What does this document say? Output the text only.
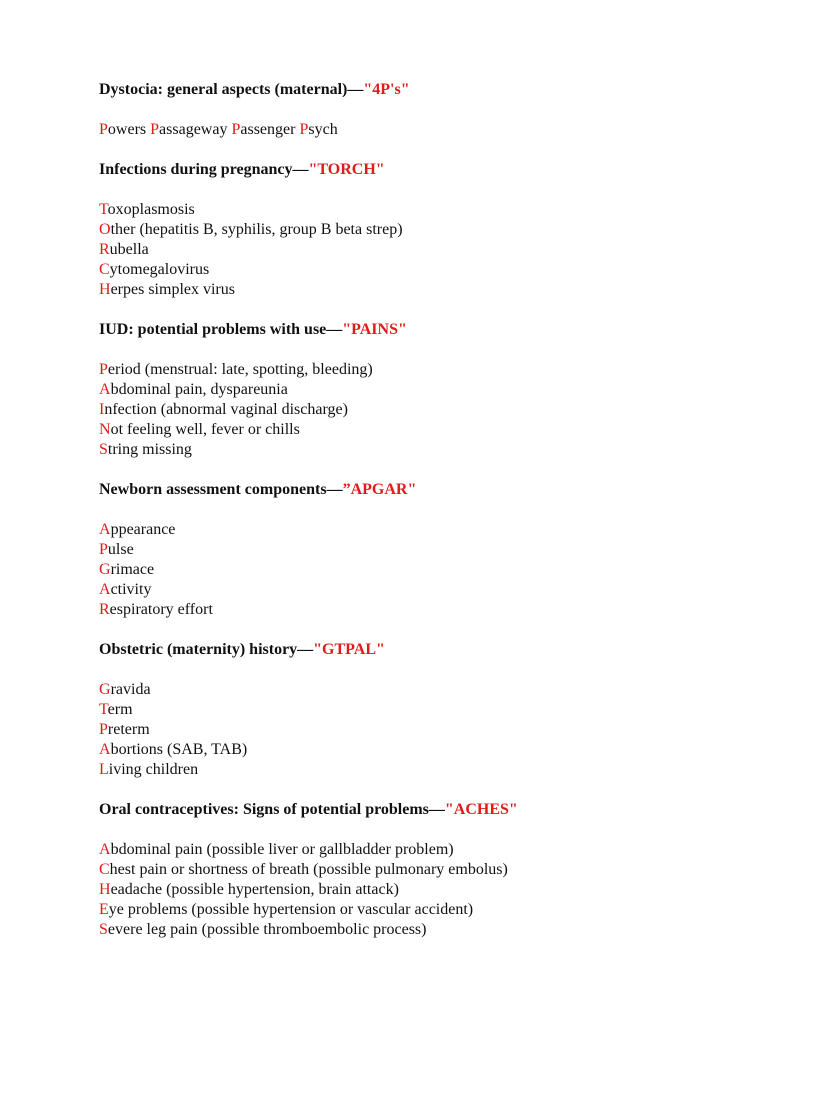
Dystocia: general aspects (maternal)—"4P's"
Powers Passageway Passenger Psych
Infections during pregnancy—"TORCH"
Toxoplasmosis
Other (hepatitis B, syphilis, group B beta strep)
Rubella
Cytomegalovirus
Herpes simplex virus
IUD: potential problems with use—"PAINS"
Period (menstrual: late, spotting, bleeding)
Abdominal pain, dyspareunia
Infection (abnormal vaginal discharge)
Not feeling well, fever or chills
String missing
Newborn assessment components—”APGAR"
Appearance
Pulse
Grimace
Activity
Respiratory effort
Obstetric (maternity) history—"GTPAL"
Gravida
Term
Preterm
Abortions (SAB, TAB)
Living children
Oral contraceptives: Signs of potential problems—"ACHES"
Abdominal pain (possible liver or gallbladder problem)
Chest pain or shortness of breath (possible pulmonary embolus)
Headache (possible hypertension, brain attack)
Eye problems (possible hypertension or vascular accident)
Severe leg pain (possible thromboembolic process)
